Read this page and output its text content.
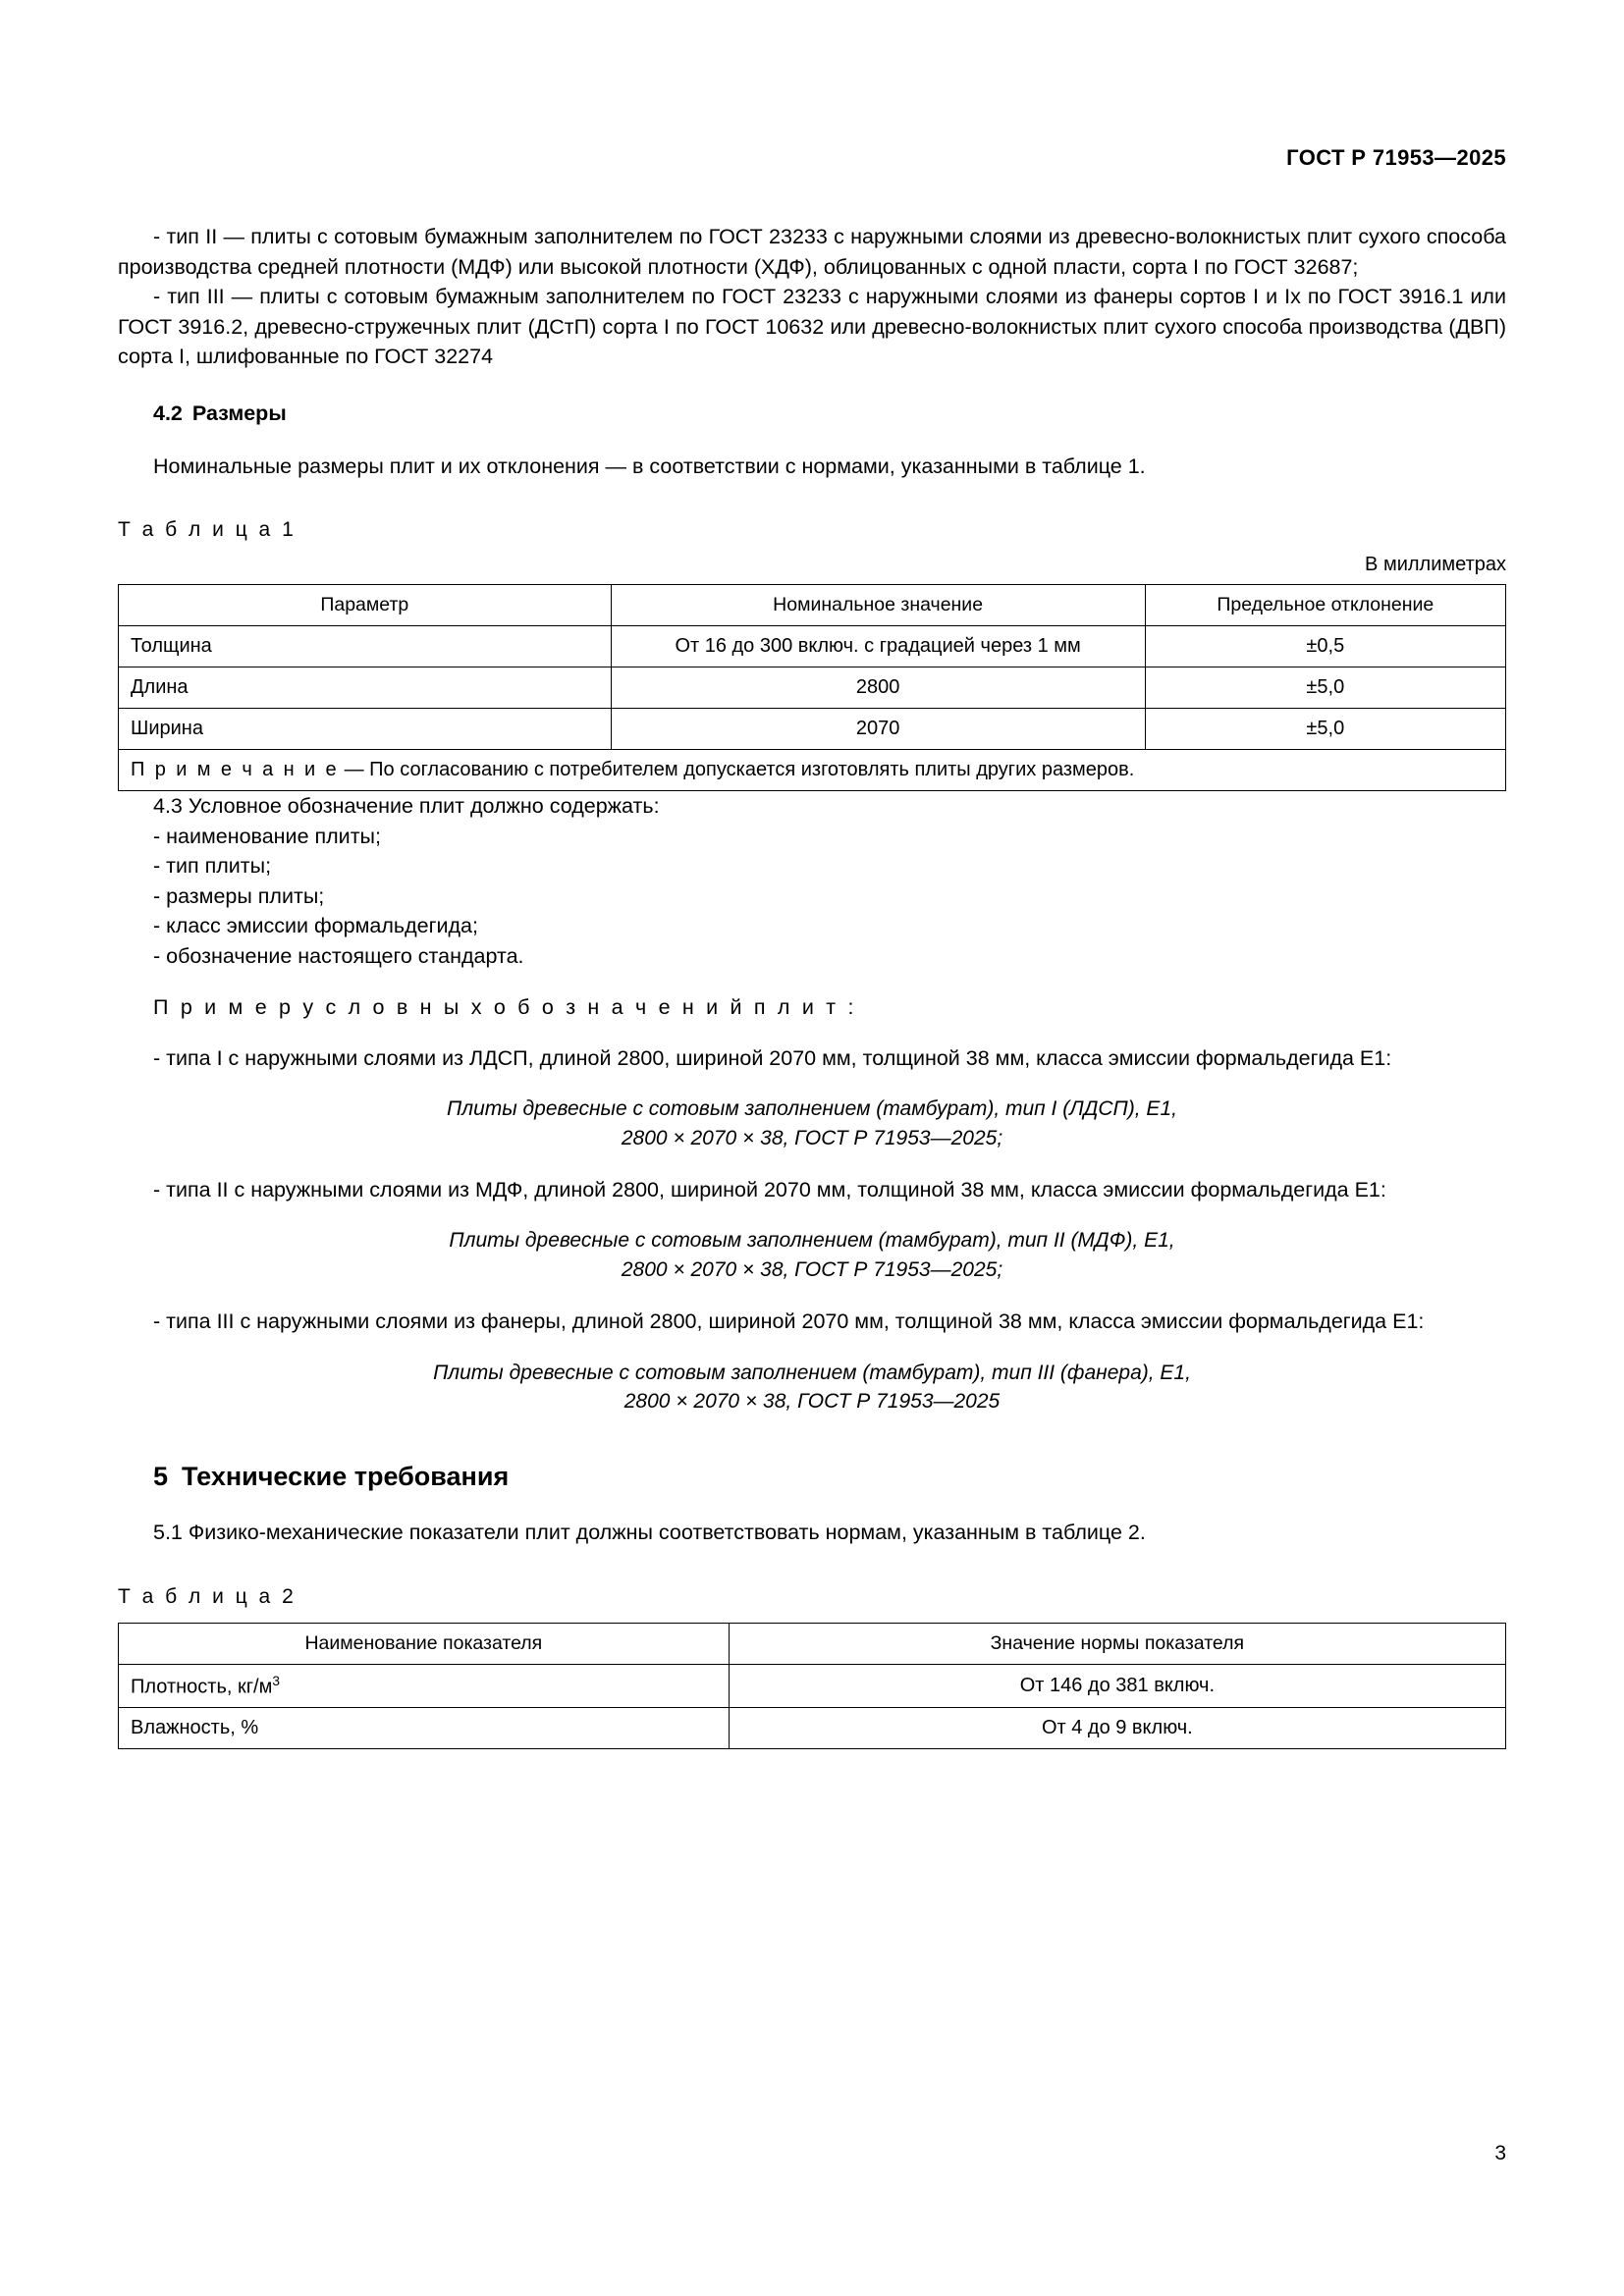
ГОСТ Р 71953—2025

- тип II — плиты с сотовым бумажным заполнителем по ГОСТ 23233 с наружными слоями из древесно-волокнистых плит сухого способа производства средней плотности (МДФ) или высокой плотности (ХДФ), облицованных с одной пласти, сорта I по ГОСТ 32687;

- тип III — плиты с сотовым бумажным заполнителем по ГОСТ 23233 с наружными слоями из фанеры сортов I и Iх по ГОСТ 3916.1 или ГОСТ 3916.2, древесно-стружечных плит (ДСтП) сорта I по ГОСТ 10632 или древесно-волокнистых плит сухого способа производства (ДВП) сорта I, шлифованные по ГОСТ 32274

4.2 Размеры

Номинальные размеры плит и их отклонения — в соответствии с нормами, указанными в таблице 1.

Т а б л и ц а 1
В миллиметрах
Параметр	Номинальное значение	Предельное отклонение
Толщина	От 16 до 300 включ. с градацией через 1 мм	±0,5
Длина	2800	±5,0
Ширина	2070	±5,0
П р и м е ч а н и е — По согласованию с потребителем допускается изготовлять плиты других размеров.		

4.3 Условное обозначение плит должно содержать:

- наименование плиты;

- тип плиты;

- размеры плиты;

- класс эмиссии формальдегида;

- обозначение настоящего стандарта.

П р и м е р у с л о в н ы х о б о з н а ч е н и й п л и т :

- типа I с наружными слоями из ЛДСП, длиной 2800, шириной 2070 мм, толщиной 38 мм, класса эмиссии формальдегида Е1:

Плиты древесные с сотовым заполнением (тамбурат), тип I (ЛДСП), Е1,
2800 × 2070 × 38, ГОСТ Р 71953—2025;

- типа II с наружными слоями из МДФ, длиной 2800, шириной 2070 мм, толщиной 38 мм, класса эмиссии формальдегида Е1:

Плиты древесные с сотовым заполнением (тамбурат), тип II (МДФ), Е1,
2800 × 2070 × 38, ГОСТ Р 71953—2025;

- типа III с наружными слоями из фанеры, длиной 2800, шириной 2070 мм, толщиной 38 мм, класса эмиссии формальдегида Е1:

Плиты древесные с сотовым заполнением (тамбурат), тип III (фанера), Е1,
2800 × 2070 × 38, ГОСТ Р 71953—2025
5 Технические требования

5.1 Физико-механические показатели плит должны соответствовать нормам, указанным в таблице 2.

Т а б л и ц а 2
Наименование показателя	Значение нормы показателя
Плотность, $кг/м^3$	От 146 до 381 включ.
Влажность, %	От 4 до 9 включ.
3
